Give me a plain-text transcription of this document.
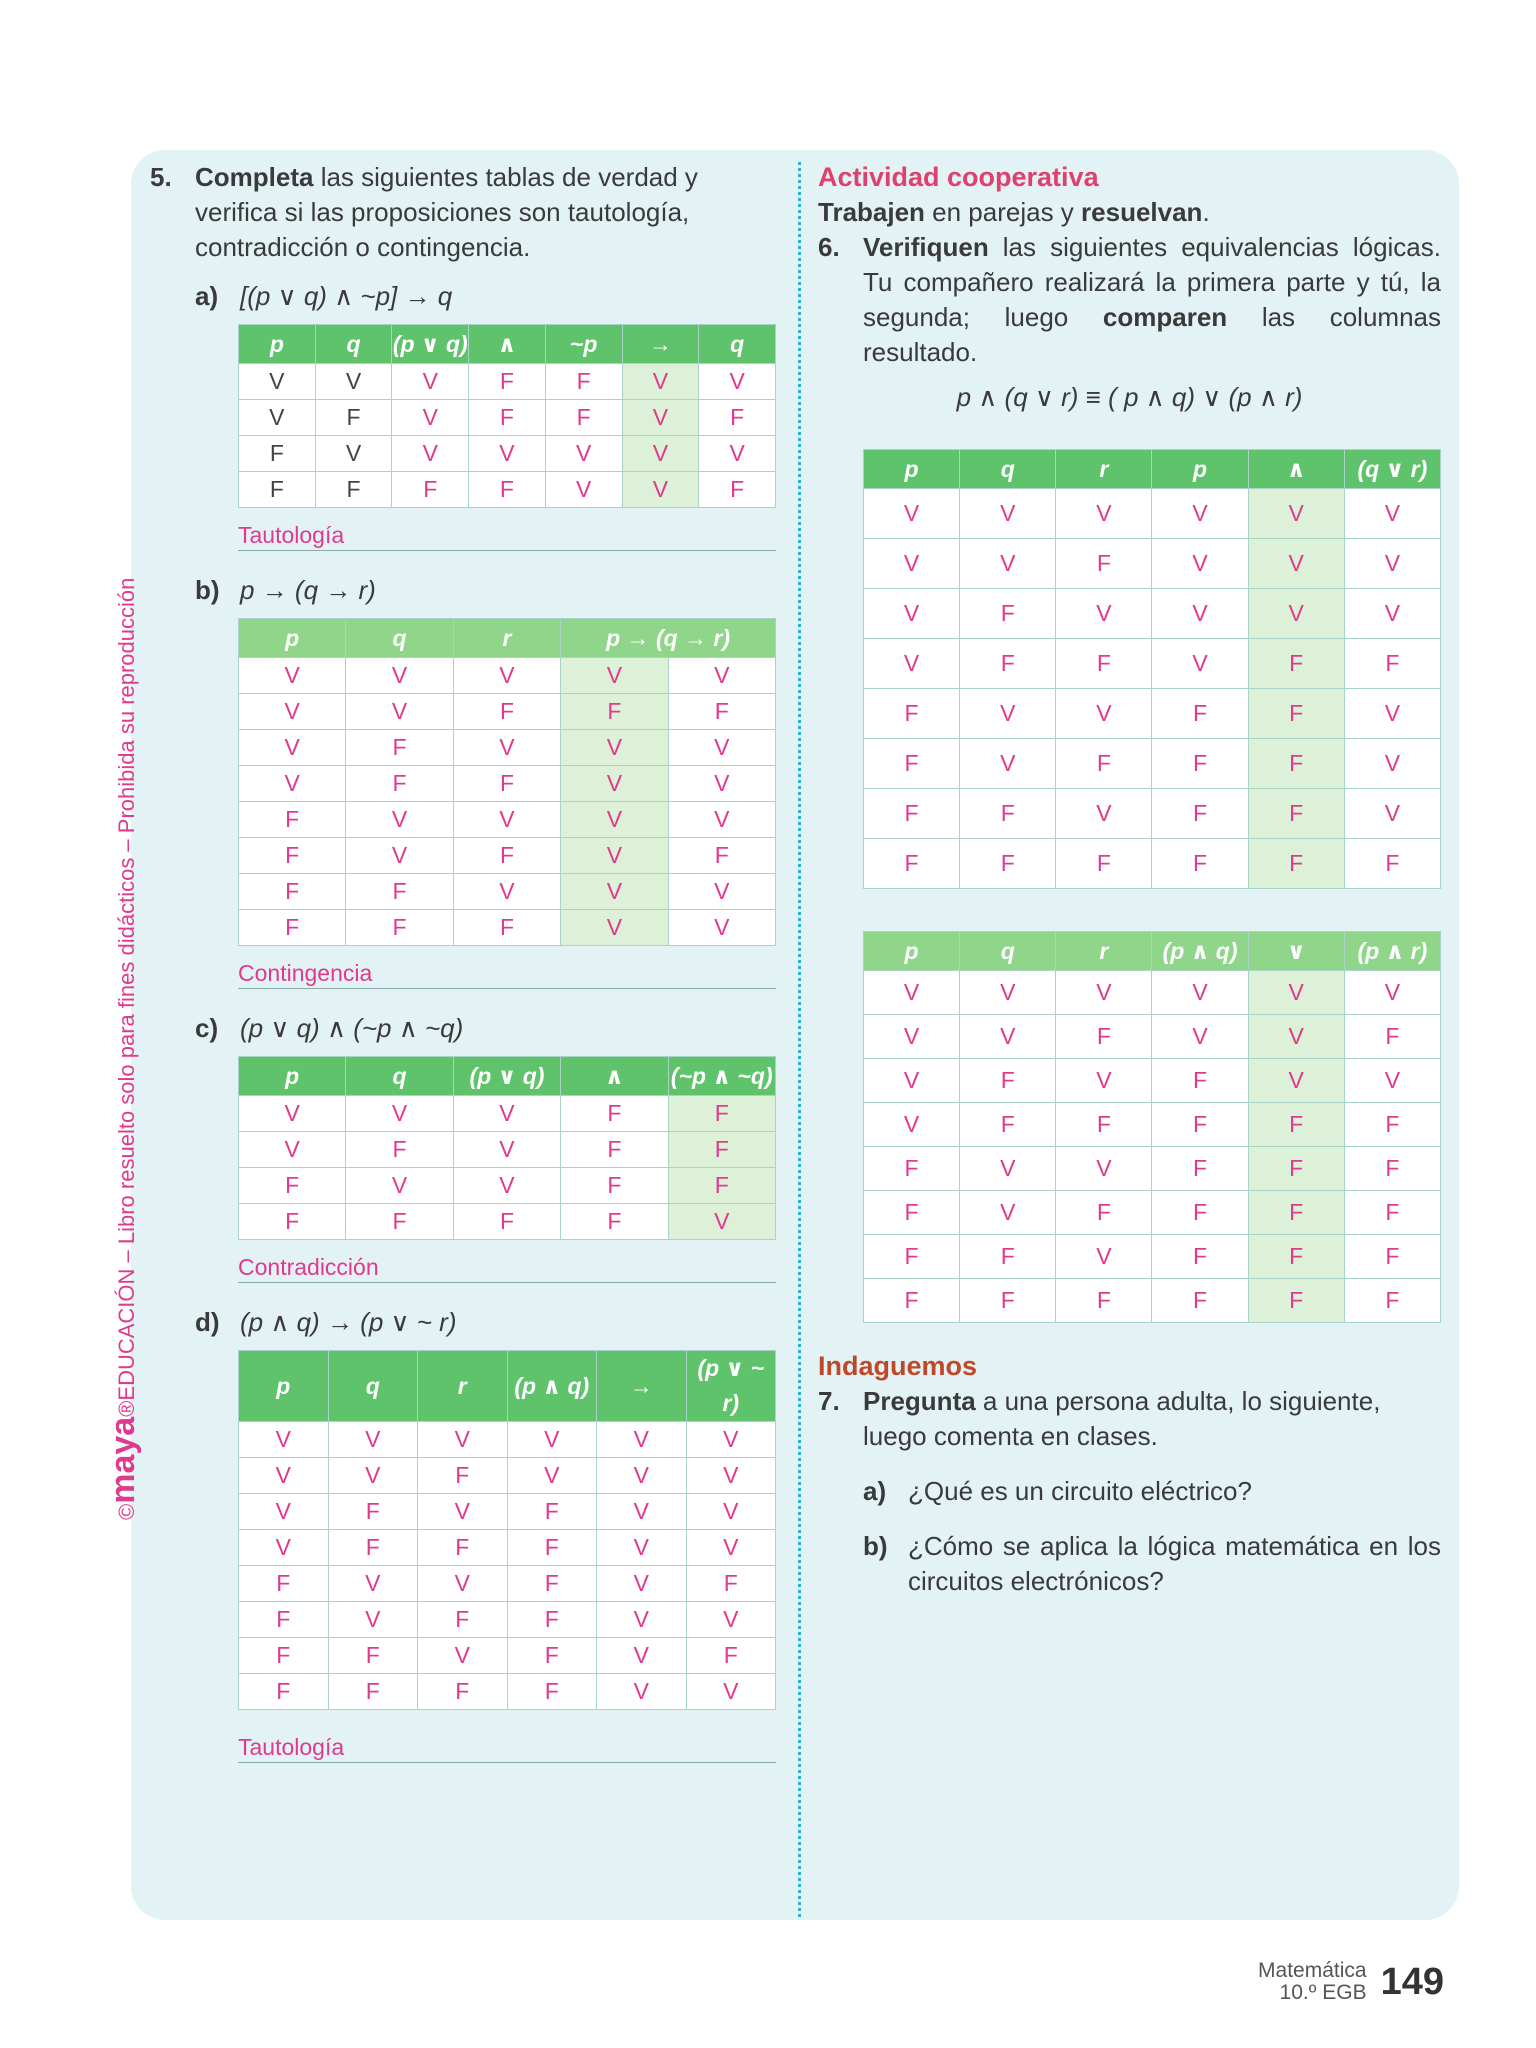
©maya®EDUCACIÓN – Libro resuelto solo para fines didácticos – Prohibida su reproducción
5. Completa las siguientes tablas de verdad y verifica si las proposiciones son tautología, contradicción o contingencia.
a) [(p ∨ q) ∧ ~p] → q
p	q	(p ∨ q)	∧	~p	→	q
V	V	V	F	F	V	V
V	F	V	F	F	V	F
F	V	V	V	V	V	V
F	F	F	F	V	V	F
Tautología
b) p → (q → r)
p	q	r	p → (q → r)	
V	V	V	V	V
V	V	F	F	F
V	F	V	V	V
V	F	F	V	V
F	V	V	V	V
F	V	F	V	F
F	F	V	V	V
F	F	F	V	V
Contingencia
c) (p ∨ q) ∧ (~p ∧ ~q)
p	q	(p ∨ q)	∧	(~p ∧ ~q)
V	V	V	F	F
V	F	V	F	F
F	V	V	F	F
F	F	F	F	V
Contradicción
d) (p ∧ q) → (p ∨ ~ r)
p	q	r	(p ∧ q)	→	(p ∨ ~ r)
V	V	V	V	V	V
V	V	F	V	V	V
V	F	V	F	V	V
V	F	F	F	V	V
F	V	V	F	V	F
F	V	F	F	V	V
F	F	V	F	V	F
F	F	F	F	V	V
Tautología
Actividad cooperativa
Trabajen en parejas y resuelvan.
6. Verifiquen las siguientes equivalencias lógicas. Tu compañero realizará la primera parte y tú, la segunda; luego comparen las columnas resultado.
p ∧ (q ∨ r) ≡ ( p ∧ q) ∨ (p ∧ r)
p	q	r	p	∧	(q ∨ r)
V	V	V	V	V	V
V	V	F	V	V	V
V	F	V	V	V	V
V	F	F	V	F	F
F	V	V	F	F	V
F	V	F	F	F	V
F	F	V	F	F	V
F	F	F	F	F	F
p	q	r	(p ∧ q)	∨	(p ∧ r)
V	V	V	V	V	V
V	V	F	V	V	F
V	F	V	F	V	V
V	F	F	F	F	F
F	V	V	F	F	F
F	V	F	F	F	F
F	F	V	F	F	F
F	F	F	F	F	F
Indaguemos
7. Pregunta a una persona adulta, lo siguiente, luego comenta en clases.
a) ¿Qué es un circuito eléctrico?
b) ¿Cómo se aplica la lógica matemática en los circuitos electrónicos?
Matemática
10.º EGB 149
